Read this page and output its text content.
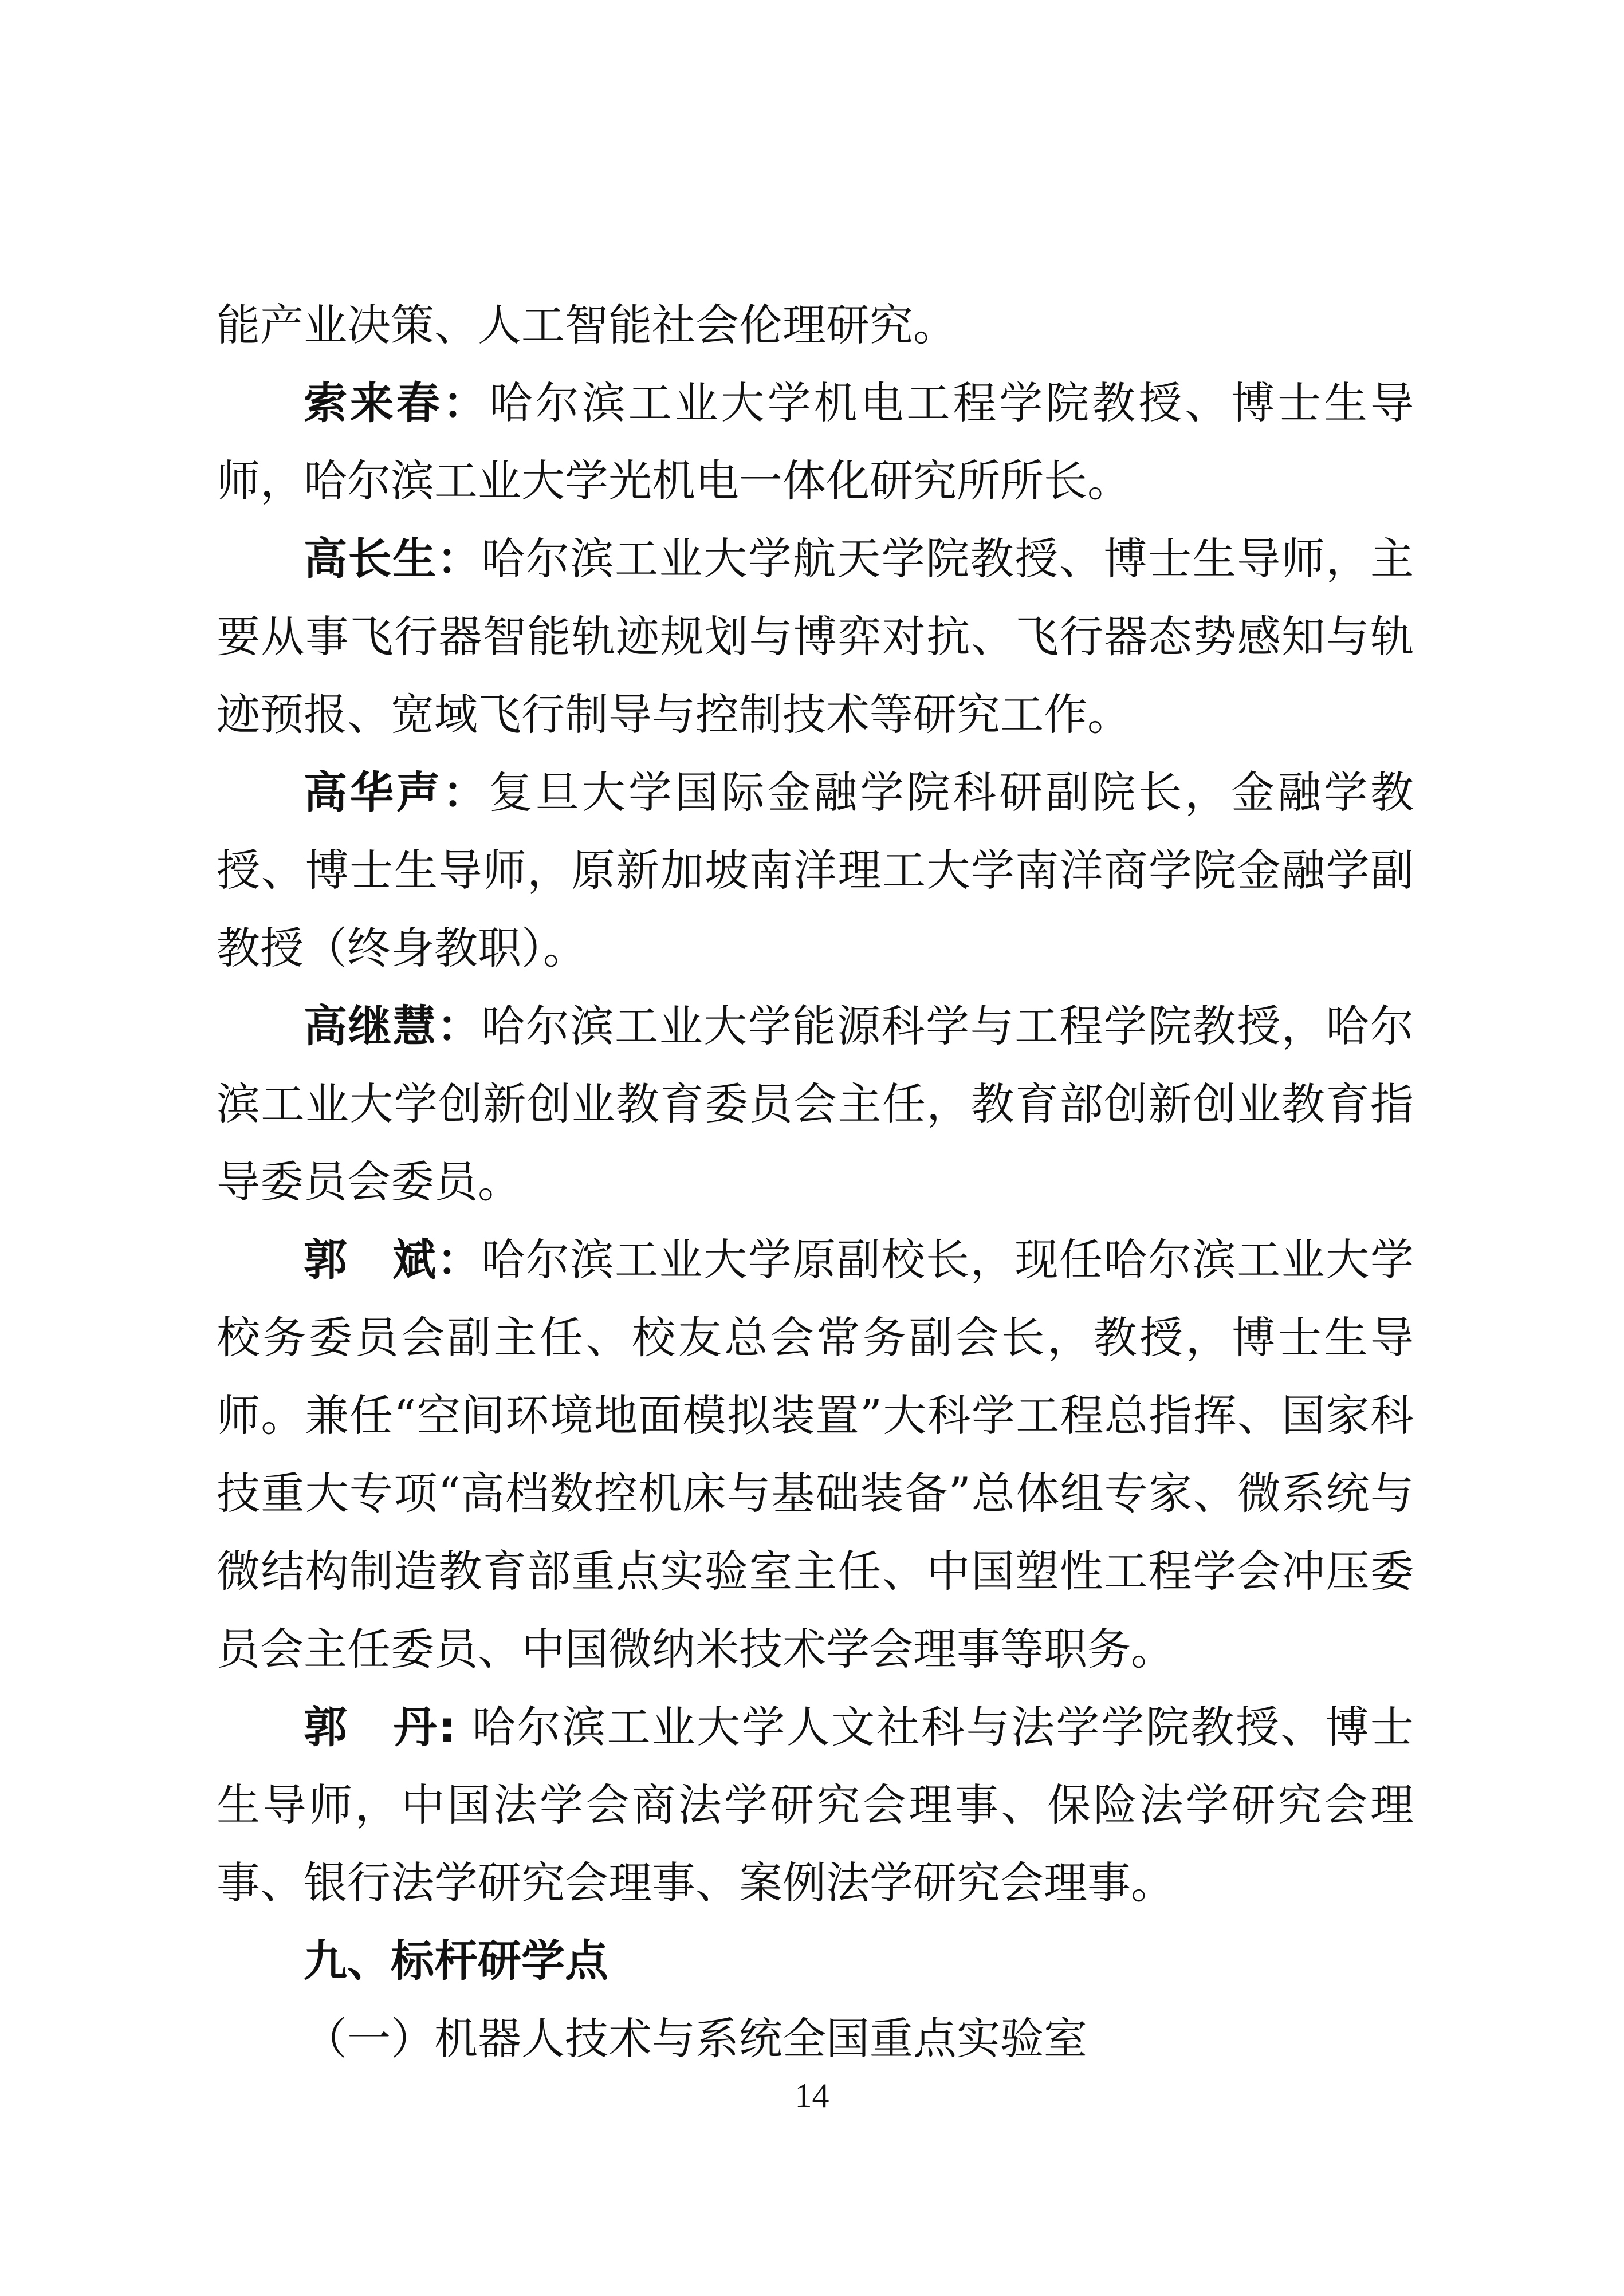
能产业决策、人工智能社会伦理研究。

索来春：哈尔滨工业大学机电工程学院教授、博士生导师，哈尔滨工业大学光机电一体化研究所所长。

高长生：哈尔滨工业大学航天学院教授、博士生导师，主要从事飞行器智能轨迹规划与博弈对抗、飞行器态势感知与轨迹预报、宽域飞行制导与控制技术等研究工作。

高华声：复旦大学国际金融学院科研副院长，金融学教授、博士生导师，原新加坡南洋理工大学南洋商学院金融学副教授（终身教职）。

高继慧：哈尔滨工业大学能源科学与工程学院教授，哈尔滨工业大学创新创业教育委员会主任，教育部创新创业教育指导委员会委员。

郭　斌：哈尔滨工业大学原副校长，现任哈尔滨工业大学校务委员会副主任、校友总会常务副会长，教授，博士生导师。兼任“空间环境地面模拟装置”大科学工程总指挥、国家科技重大专项“高档数控机床与基础装备”总体组专家、微系统与微结构制造教育部重点实验室主任、中国塑性工程学会冲压委员会主任委员、中国微纳米技术学会理事等职务。

郭　丹: 哈尔滨工业大学人文社科与法学学院教授、博士生导师，中国法学会商法学研究会理事、保险法学研究会理事、银行法学研究会理事、案例法学研究会理事。

九、标杆研学点

（一）机器人技术与系统全国重点实验室

14
